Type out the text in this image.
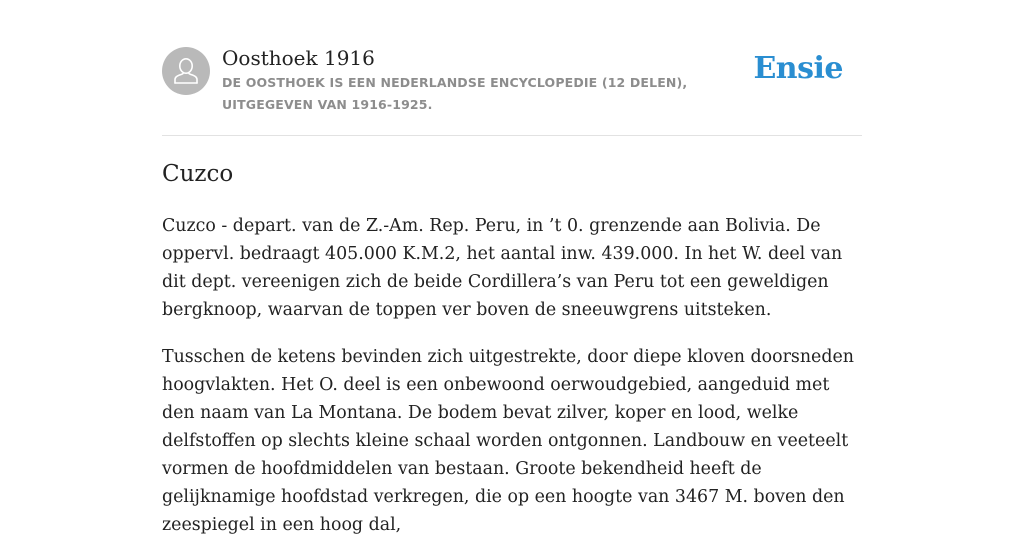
Oosthoek 1916
DE OOSTHOEK IS EEN NEDERLANDSE ENCYCLOPEDIE (12 DELEN), UITGEGEVEN VAN 1916-1925.
Ensie
Cuzco

Cuzco - depart. van de Z.-Am. Rep. Peru, in ’t 0. grenzende aan Bolivia. De oppervl. bedraagt 405.000 K.M.2, het aantal inw. 439.000. In het W. deel van dit dept. vereenigen zich de beide Cordillera’s van Peru tot een geweldigen bergknoop, waarvan de toppen ver boven de sneeuwgrens uitsteken.

Tusschen de ketens bevinden zich uitgestrekte, door diepe kloven doorsneden hoogvlakten. Het O. deel is een onbewoond oerwoudgebied, aangeduid met den naam van La Montana. De bodem bevat zilver, koper en lood, welke delfstoffen op slechts kleine schaal worden ontgonnen. Landbouw en veeteelt vormen de hoofdmiddelen van bestaan. Groote bekendheid heeft de gelijknamige hoofdstad verkregen, die op een hoogte van 3467 M. boven den zeespiegel in een hoog dal,
